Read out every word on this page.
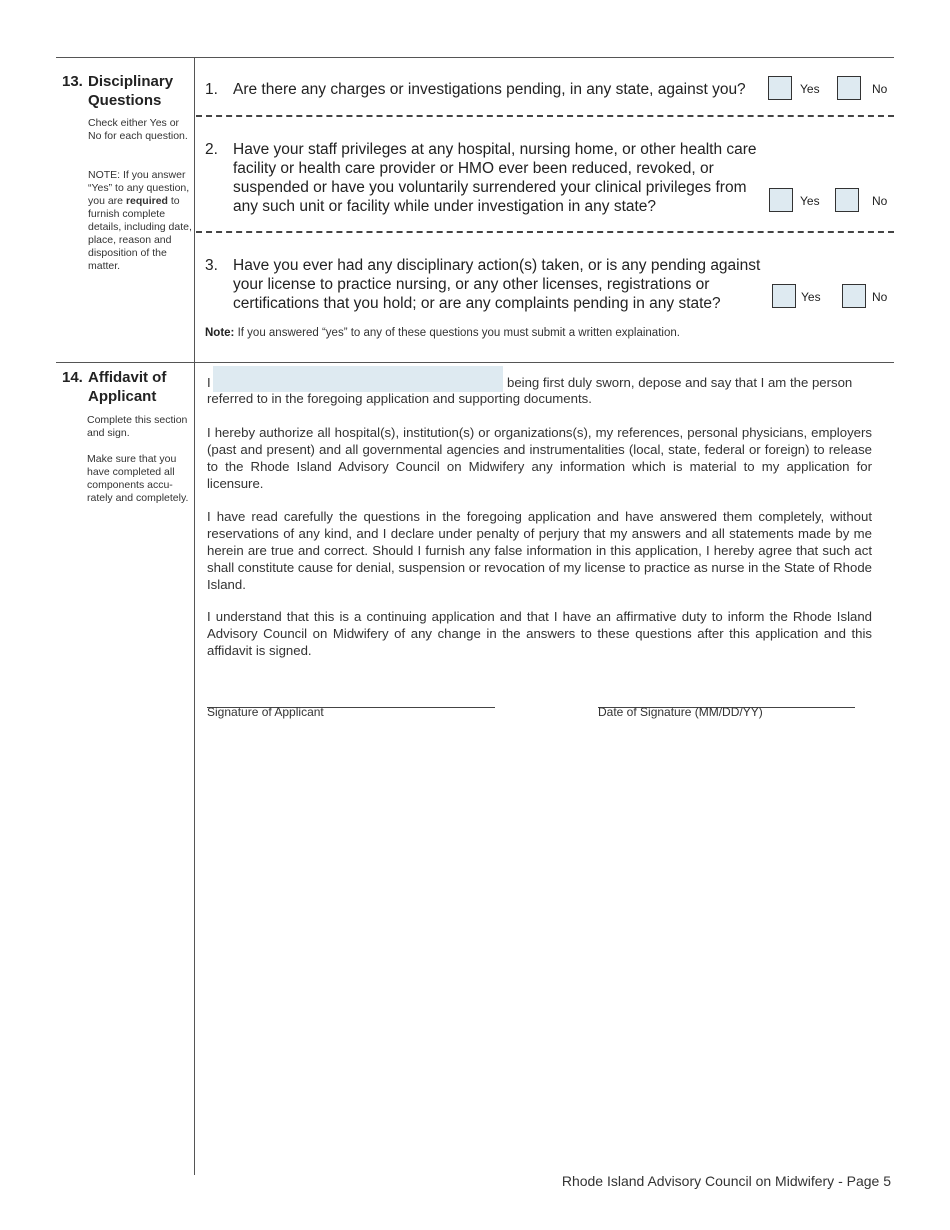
13. Disciplinary
Questions
Check either Yes or No for each question.
NOTE: If you answer “Yes” to any question, you are required to furnish complete details, including date, place, reason and disposition of the matter.
1. Are there any charges or investigations pending, in any state, against you?	Yes	No
2. Have your staff privileges at any hospital, nursing home, or other health care facility or health care provider or HMO ever been reduced, revoked, or suspended or have you voluntarily surrendered your clinical privileges from any such unit or facility while under investigation in any state?	Yes	No
3. Have you ever had any disciplinary action(s) taken, or is any pending against your license to practice nursing, or any other licenses, registrations or certifications that you hold; or are any complaints pending in any state?	Yes	No
Note: If you answered “yes” to any of these questions you must submit a written explaination.
14. Affidavit of
Applicant
Complete this section and sign.
Make sure that you have completed all components accu- rately and completely.
I	being first duly sworn, depose and say that I am the person
referred to in the foregoing application and supporting documents.
I hereby authorize all hospital(s), institution(s) or organizations(s), my references, personal physicians, employers (past and present) and all governmental agencies and instrumentalities (local, state, federal or foreign) to release to the Rhode Island Advisory Council on Midwifery any information which is material to my application for licensure.
I have read carefully the questions in the foregoing application and have answered them completely, without reservations of any kind, and I declare under penalty of perjury that my answers and all statements made by me herein are true and correct. Should I furnish any false information in this application, I hereby agree that such act shall constitute cause for denial, suspension or revocation of my license to practice as nurse in the State of Rhode Island.
I understand that this is a continuing application and that I have an affirmative duty to inform the Rhode Island Advisory Council on Midwifery of any change in the answers to these questions after this application and this affidavit is signed.
Signature of Applicant	Date of Signature (MM/DD/YY)
Rhode Island Advisory Council on Midwifery - Page 5
